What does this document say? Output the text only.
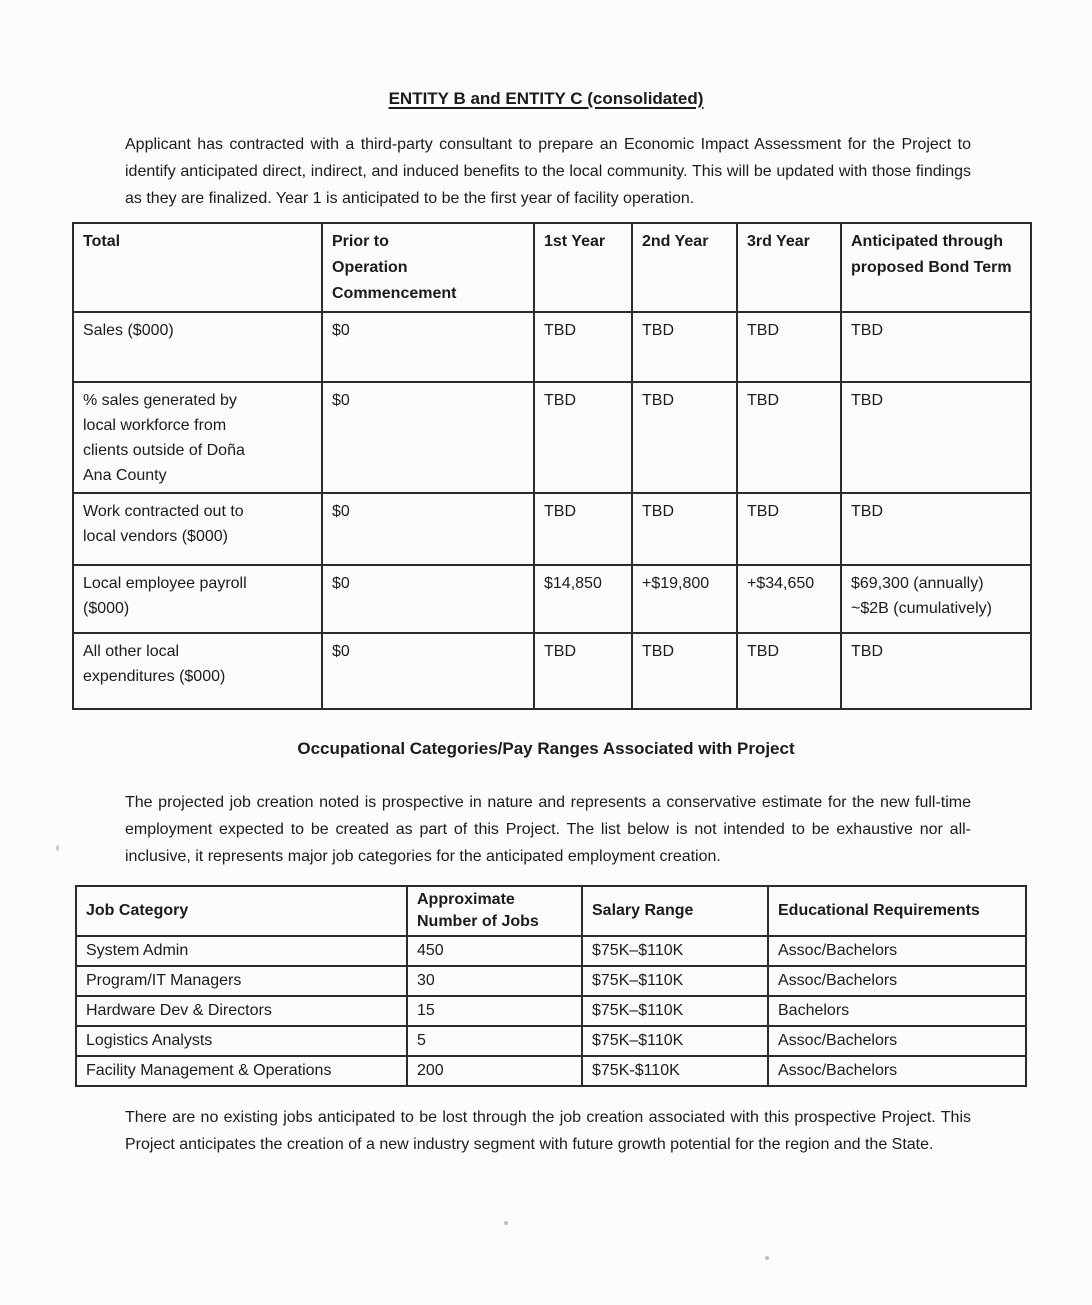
ENTITY B and ENTITY C (consolidated)

Applicant has contracted with a third-party consultant to prepare an Economic Impact Assessment for the Project to identify anticipated direct, indirect, and induced benefits to the local community. This will be updated with those findings as they are finalized. Year 1 is anticipated to be the first year of facility operation.

Total	Prior to Operation Commencement	1st Year	2nd Year	3rd Year	Anticipated through proposed Bond Term

Sales ($000)	$0	TBD	TBD	TBD	TBD

% sales generated by local workforce from clients outside of Doña Ana County	$0	TBD	TBD	TBD	TBD

Work contracted out to local vendors ($000)	$0	TBD	TBD	TBD	TBD

Local employee payroll ($000)	$0	$14,850	+$19,800	+$34,650	$69,300 (annually)
~$2B (cumulatively)

All other local expenditures ($000)	$0	TBD	TBD	TBD	TBD
Occupational Categories/Pay Ranges Associated with Project

The projected job creation noted is prospective in nature and represents a conservative estimate for the new full-time employment expected to be created as part of this Project. The list below is not intended to be exhaustive nor all-inclusive, it represents major job categories for the anticipated employment creation.

Job Category	Approximate Number of Jobs	Salary Range	Educational Requirements
System Admin	450	$75K–$110K	Assoc/Bachelors
Program/IT Managers	30	$75K–$110K	Assoc/Bachelors
Hardware Dev & Directors	15	$75K–$110K	Bachelors
Logistics Analysts	5	$75K–$110K	Assoc/Bachelors
Facility Management & Operations	200	$75K-$110K	Assoc/Bachelors

There are no existing jobs anticipated to be lost through the job creation associated with this prospective Project. This Project anticipates the creation of a new industry segment with future growth potential for the region and the State.
